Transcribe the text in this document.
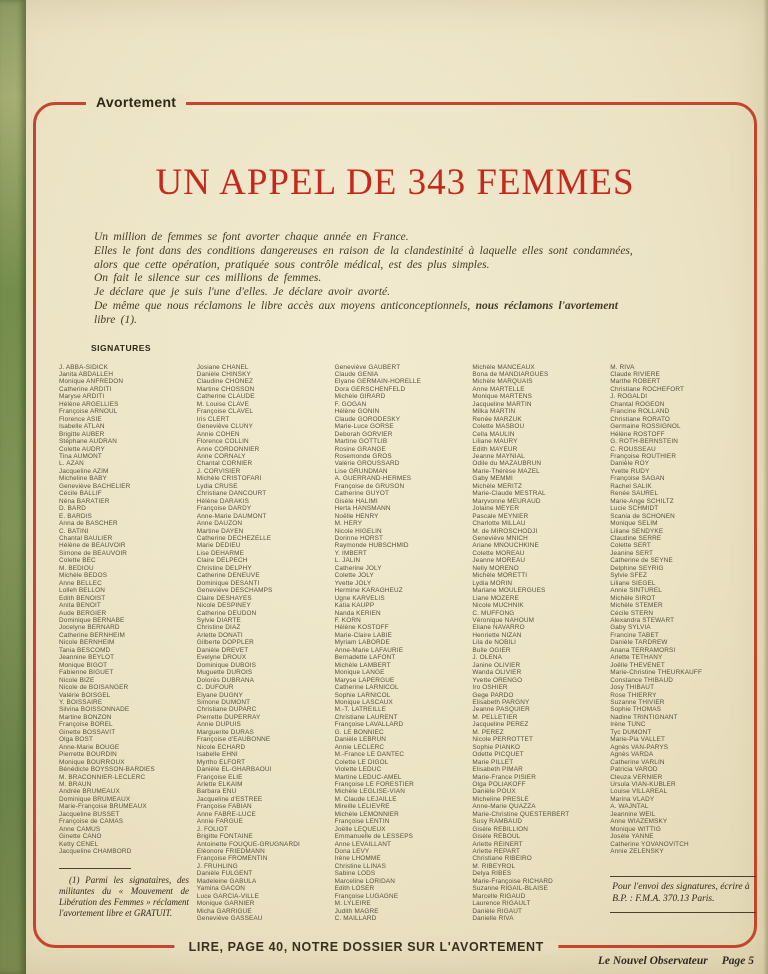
Avortement
UN APPEL DE 343 FEMMES
Un million de femmes se font avorter chaque année en France.
Elles le font dans des conditions dangereuses en raison de la clandestinité à laquelle elles sont condamnées,
alors que cette opération, pratiquée sous contrôle médical, est des plus simples.
On fait le silence sur ces millions de femmes.
Je déclare que je suis l'une d'elles. Je déclare avoir avorté.
De même que nous réclamons le libre accès aux moyens anticonceptionnels, nous réclamons l'avortement
libre (1).
SIGNATURES
J. ABBA-SIDICK
Janita ABDALLEH
Monique ANFREDON
Catherine ARDITI
Maryse ARDITI
Hélène ARGELLIES
Françoise ARNOUL
Florence ASIE
Isabelle ATLAN
Brigitte AUBER
Stéphane AUDRAN
Colette AUDRY
Tina AUMONT
L. AZAN
Jacqueline AZIM
Micheline BABY
Geneviève BACHELIER
Cécile BALLIF
Néna BARATIER
D. BARD
E. BARDIS
Anna de BASCHER
C. BATINI
Chantal BAULIER
Hélène de BEAUVOIR
Simone de BEAUVOIR
Colette BEC
M. BEDIOU
Michèle BEDOS
Anne BELLEC
Lolleh BELLON
Edith BENOIST
Anita BENOIT
Aude BERGIER
Dominique BERNABE
Jocelyne BERNARD
Catherine BERNHEIM
Nicole BERNHEIM
Tania BESCOMD
Jeannine BEYLOT
Monique BIGOT
Fabienne BIGUET
Nicole BIZE
Nicole de BOISANGER
Valérie BOISGEL
Y. BOISSAIRE
Silvina BOISSONNADE
Martine BONZON
Françoise BOREL
Ginette BOSSAVIT
Olga BOST
Anne-Marie BOUGE
Pierrette BOURDIN
Monique BOURROUX
Bénédicte BOYSSON-BARDIES
M. BRACONNIER-LECLERC
M. BRAUN
Andrée BRUMEAUX
Dominique BRUMEAUX
Marie-Françoise BRUMEAUX
Jacqueline BUSSET
Françoise de CAMAS
Anne CAMUS
Ginette CANO
Ketty CENEL
Jacqueline CHAMBORD

(1) Parmi les signataires, des militantes du « Mouvement de Libération des Femmes » réclament l'avortement libre et GRATUIT.

Josiane CHANEL
Danièle CHINSKY
Claudine CHONEZ
Martine CHOSSON
Catherine CLAUDE
M. Louise CLAVE
Françoise CLAVEL
Iris CLERT
Geneviève CLUNY
Annie COHEN
Florence COLLIN
Anne CORDONNIER
Anne CORNALY
Chantal CORNIER
J. CORVISIER
Michèle CRISTOFARI
Lydia CRUSE
Christiane DANCOURT
Hélène DARAKIS
Françoise DARDY
Anne-Marie DAUMONT
Anne DAUZON
Martine DAYEN
Catherine DECHEZELLE
Marie DEDIEU
Lise DEHARME
Claire DELPECH
Christine DELPHY
Catherine DENEUVE
Dominique DESANTI
Geneviève DESCHAMPS
Claire DESHAYES
Nicole DESPINEY
Catherine DEUDON
Sylvie DIARTE
Christine DIAZ
Arlette DONATI
Gilberte DOPPLER
Danièle DREVET
Evelyne DROUX
Dominique DUBOIS
Muguette DUROIS
Dolorès DUBRANA
C. DUFOUR
Elyane DUGNY
Simone DUMONT
Christiane DUPARC
Pierrette DUPERRAY
Annie DUPUIS
Marguerite DURAS
Françoise d'EAUBONNE
Nicole ECHARD
Isabelle EHNI
Myrtho ELFORT
Danièle EL-GHARBAOUI
Françoise ELIE
Arlette ELKAIM
Barbara ENU
Jacqueline d'ESTREE
Françoise FABIAN
Anne FABRE-LUCE
Annie FARGUE
J. FOLIOT
Brigitte FONTAINE
Antoinette FOUQUE-GRUGNARDI
Eléonore FRIEDMANN
Françoise FROMENTIN
J. FRUHLING
Danièle FULGENT
Madeleine GABULA
Yamina GACON
Luce GARCIA-VILLE
Monique GARNIER
Micha GARRIGUE
Geneviève GASSEAU
Geneviève GAUBERT
Claude GENIA
Elyane GERMAIN-HORELLE
Dora GERSCHENFELD
Michèle GIRARD
F. GOGAN
Hélène GONIN
Claude GORODESKY
Marie-Luce GORSE
Deborah GORVIER
Martine GOTTLIB
Rosine GRANGE
Rosemonde GROS
Valérie GROUSSARD
Lise GRUNDMAN
A. GUERRAND-HERMES
Françoise de GRUSON
Catherine GUYOT
Gisèle HALIMI
Herta HANSMANN
Noëlle HENRY
M. HERY
Nicole HIGELIN
Dorinne HORST
Raymonde HUBSCHMID
Y. IMBERT
L. JALIN
Catherine JOLY
Colette JOLY
Yvette JOLY
Hermine KARAGHEUZ
Ugne KARVELIS
Katia KAUPP
Nanda KERIEN
F. KORN
Hélène KOSTOFF
Marie-Claire LABIE
Myriam LABORDE
Anne-Marie LAFAURIE
Bernadette LAFONT
Michèle LAMBERT
Monique LANGE
Maryse LAPERGUE
Catherine LARNICOL
Sophie LARNICOL
Monique LASCAUX
M.-T. LATREILLE
Christiane LAURENT
Françoise LAVALLARD
G. LE BONNIEC
Danièle LEBRUN
Annie LECLERC
M.-France LE DANTEC
Colette LE DIGOL
Violette LEDUC
Martine LEDUC-AMEL
Françoise LE FORESTIER
Michèle LEGLISE-VIAN
M. Claude LEJAILLE
Mireille LELIEVRE
Michèle LEMONNIER
Françoise LENTIN
Joëlle LEQUEUX
Emmanuelle de LESSEPS
Anne LEVAILLANT
Dona LEVY
Irène LHOMME
Christine LLINAS
Sabine LODS
Marceline LORIDAN
Edith LOSER
Françoise LUGAGNE
M. LYLEIRE
Judith MAGRE
C. MAILLARD
Michèle MANCEAUX
Bona de MANDIARGUES
Michèle MARQUAIS
Anne MARTELLE
Monique MARTENS
Jacqueline MARTIN
Milka MARTIN
Renée MARZUK
Colette MASBOU
Cella MAULIN
Liliane MAURY
Edith MAYEUR
Jeanne MAYNIAL
Odile du MAZAUBRUN
Marie-Thérèse MAZEL
Gaby MEMMI
Michèle MERITZ
Marie-Claude MESTRAL
Maryvonne MEURAUD
Jolaine MEYER
Pascale MEYNIER
Charlotte MILLAU
M. de MIROSCHODJI
Geneviève MNICH
Ariane MNOUCHKINE
Colette MOREAU
Jeanne MOREAU
Nelly MORENO
Michèle MORETTI
Lydia MORIN
Mariane MOULERGUES
Liane MOZERE
Nicole MUCHNIK
C. MUFFONG
Véronique NAHOUM
Eliane NAVARRO
Henriette NIZAN
Lila de NOBILI
Bulle OGIER
J. OLENA
Janine OLIVIER
Wanda OLIVIER
Yvette ORENGO
Iro OSHIER
Gege PARDO
Elisabeth PARGNY
Jeanne PASQUIER
M. PELLETIER
Jacqueline PEREZ
M. PEREZ
Nicole PERROTTET
Sophie PIANKO
Odette PICQUET
Marie PILLET
Elisabeth PIMAR
Marie-France PISIER
Olga POLIAKOFF
Danièle POUX
Micheline PRESLE
Anne-Marie QUAZZA
Marie-Christine QUESTERBERT
Susy RAMBAUD
Gisèle REBILLION
Gisèle REBOUL
Arlette REINERT
Arlette REPART
Christiane RIBEIRO
M. RIBEYROL
Delya RIBES
Marie-Françoise RICHARD
Suzanne RIGAIL-BLAISE
Marcelle RIGAUD
Laurence RIGAULT
Danièle RIGAUT
Danielle RIVA
M. RIVA
Claude RIVIERE
Marthe ROBERT
Christiane ROCHEFORT
J. ROGALDI
Chantal ROGEON
Francine ROLLAND
Christiane RORATO
Germaine ROSSIGNOL
Hélène ROSTOFF
G. ROTH-BERNSTEIN
C. ROUSSEAU
Françoise ROUTHIER
Danièle ROY
Yvette RUDY
Françoise SAGAN
Rachel SALIK
Renée SAUREL
Marie-Ange SCHILTZ
Lucie SCHMIDT
Scania de SCHONEN
Monique SELIM
Liliane SENDYKE
Claudine SERRE
Colette SERT
Jeanine SERT
Catherine de SEYNE
Delphine SEYRIG
Sylvie SFEZ
Liliane SIEGEL
Annie SINTUREL
Michèle SIROT
Michèle STEMER
Cécile STERN
Alexandra STEWART
Gaby SYLVIA
Francine TABET
Danièle TARDREW
Anana TERRAMORSI
Arlette TETHANY
Joëlle THEVENET
Marie-Christine THEURKAUFF
Constance THIBAUD
Josy THIBAUT
Rose THIERRY
Suzanne THIVIER
Sophie THOMAS
Nadine TRINTIGNANT
Irène TUNC
Tyc DUMONT
Marie-Pia VALLET
Agnès VAN-PARYS
Agnès VARDA
Catherine VARLIN
Patricia VAROD
Cleuza VERNIER
Ursula VIAN-KUBLER
Louise VILLAREAL
Marina VLADY
A. WAJNTAL
Jeannine WEIL
Anne WIAZEMSKY
Monique WITTIG
Josèle YANNE
Catherine YOVANOVITCH
Annie ZELENSKY
Pour l'envoi des signatures, écrire à B.P. : F.M.A. 370.13 Paris.
LIRE, PAGE 40, NOTRE DOSSIER SUR L'AVORTEMENT
Le Nouvel Observateur Page 5
